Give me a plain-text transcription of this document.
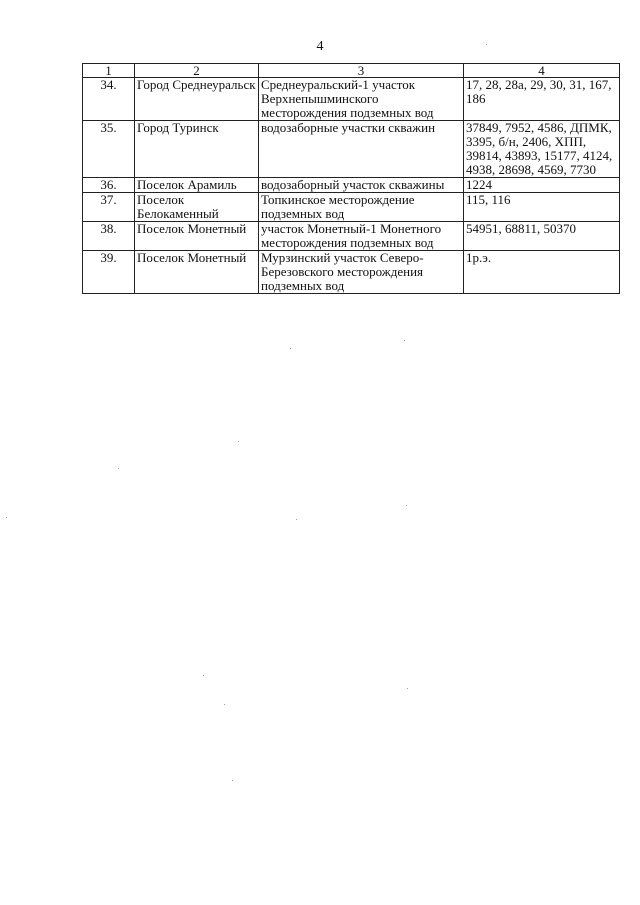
4
1	2	3	4
34.	Город Среднеуральск	Среднеуральский-1 участок Верхнепышминского месторождения подземных вод	17, 28, 28а, 29, 30, 31, 167, 186
35.	Город Туринск	водозаборные участки скважин	37849, 7952, 4586, ДПМК, 3395, б/н, 2406, ХПП, 39814, 43893, 15177, 4124, 4938, 28698, 4569, 7730
36.	Поселок Арамиль	водозаборный участок скважины	1224
37.	Поселок Белокаменный	Топкинское месторождение подземных вод	115, 116
38.	Поселок Монетный	участок Монетный-1 Монетного месторождения подземных вод	54951, 68811, 50370
39.	Поселок Монетный	Мурзинский участок Северо-Березовского месторождения подземных вод	1р.э.
